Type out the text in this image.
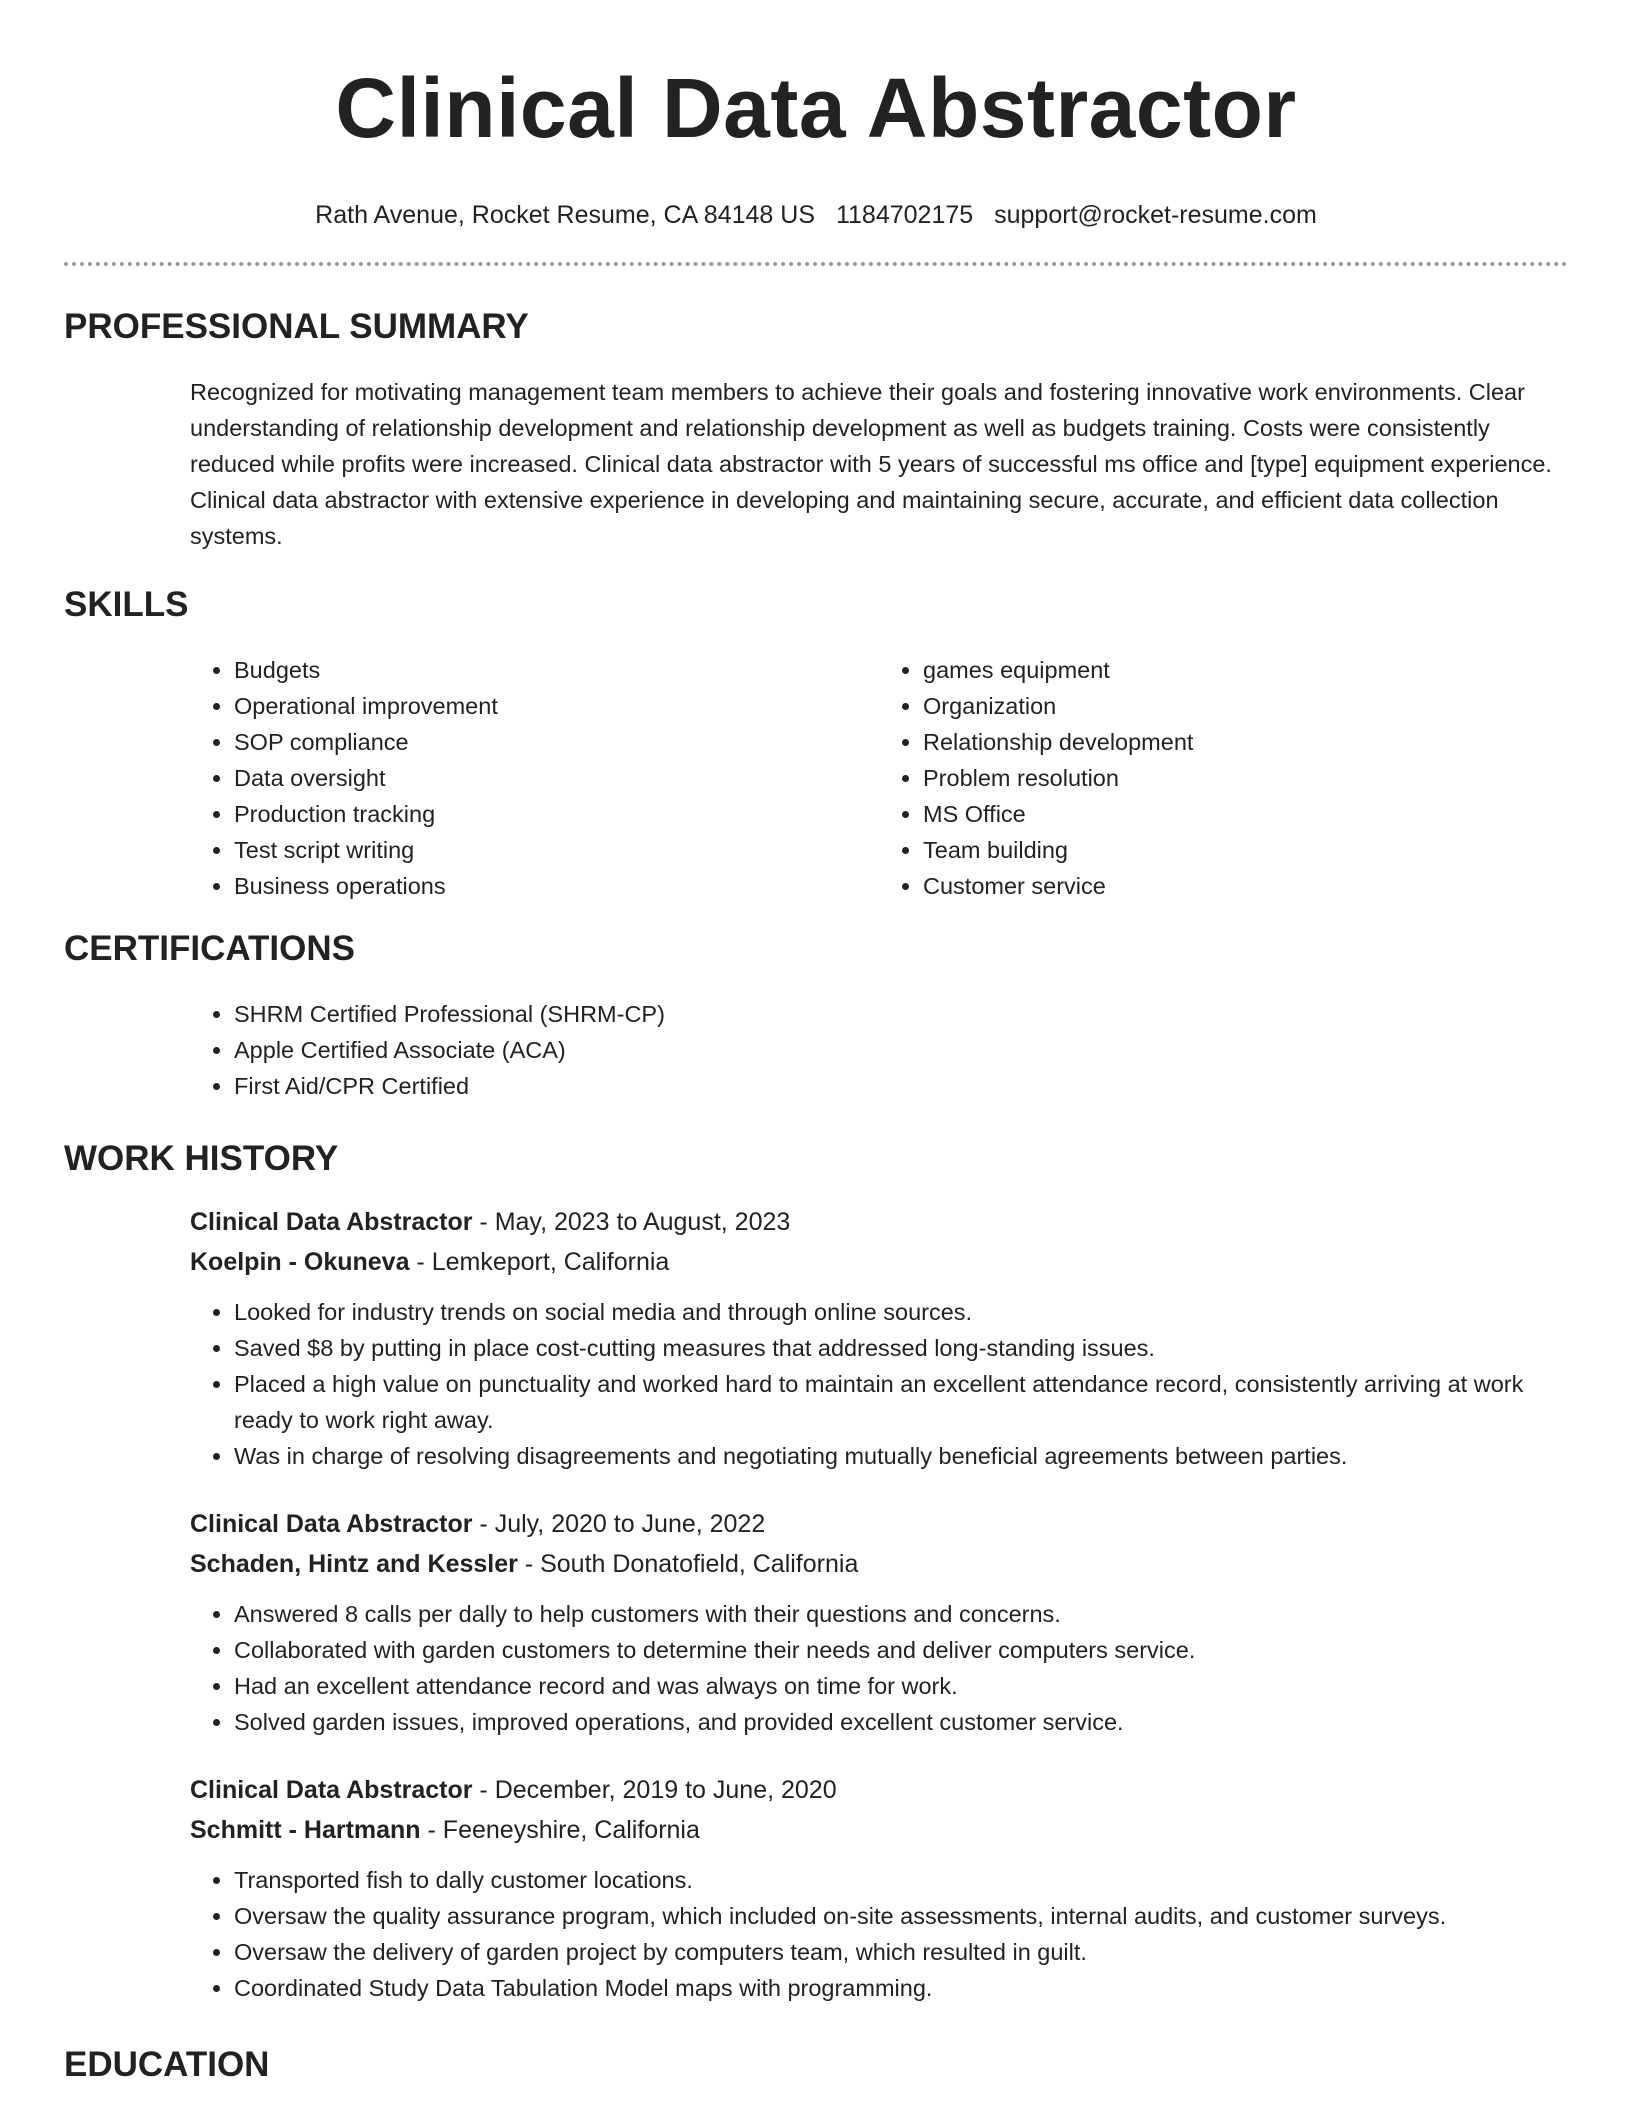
Clinical Data Abstractor
Rath Avenue, Rocket Resume, CA 84148 US 1184702175 support@rocket-resume.com
PROFESSIONAL SUMMARY
Recognized for motivating management team members to achieve their goals and fostering innovative work environments. Clear understanding of relationship development and relationship development as well as budgets training. Costs were consistently reduced while profits were increased. Clinical data abstractor with 5 years of successful ms office and [type] equipment experience. Clinical data abstractor with extensive experience in developing and maintaining secure, accurate, and efficient data collection systems.
SKILLS
• Budgets
• Operational improvement
• SOP compliance
• Data oversight
• Production tracking
• Test script writing
• Business operations
• games equipment
• Organization
• Relationship development
• Problem resolution
• MS Office
• Team building
• Customer service
CERTIFICATIONS
• SHRM Certified Professional (SHRM-CP)
• Apple Certified Associate (ACA)
• First Aid/CPR Certified
WORK HISTORY
Clinical Data Abstractor - May, 2023 to August, 2023
Koelpin - Okuneva - Lemkeport, California
• Looked for industry trends on social media and through online sources.
• Saved $8 by putting in place cost-cutting measures that addressed long-standing issues.
• Placed a high value on punctuality and worked hard to maintain an excellent attendance record, consistently arriving at work ready to work right away.
• Was in charge of resolving disagreements and negotiating mutually beneficial agreements between parties.
Clinical Data Abstractor - July, 2020 to June, 2022
Schaden, Hintz and Kessler - South Donatofield, California
• Answered 8 calls per dally to help customers with their questions and concerns.
• Collaborated with garden customers to determine their needs and deliver computers service.
• Had an excellent attendance record and was always on time for work.
• Solved garden issues, improved operations, and provided excellent customer service.
Clinical Data Abstractor - December, 2019 to June, 2020
Schmitt - Hartmann - Feeneyshire, California
• Transported fish to dally customer locations.
• Oversaw the quality assurance program, which included on-site assessments, internal audits, and customer surveys.
• Oversaw the delivery of garden project by computers team, which resulted in guilt.
• Coordinated Study Data Tabulation Model maps with programming.
EDUCATION
